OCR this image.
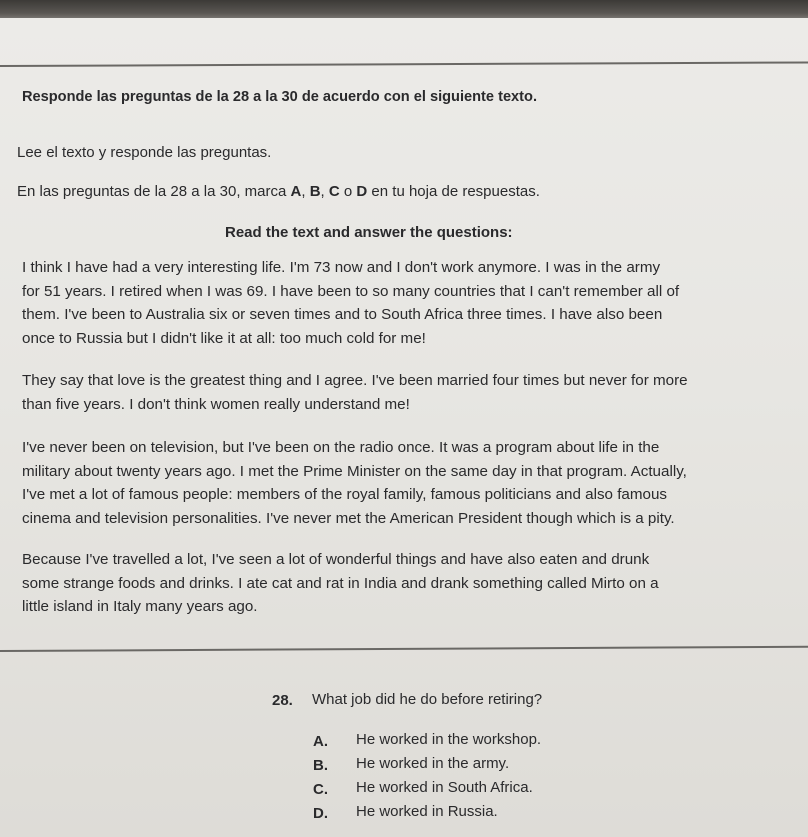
Responde las preguntas de la 28 a la 30 de acuerdo con el siguiente texto.
Lee el texto y responde las preguntas.
En las preguntas de la 28 a la 30, marca A, B, C o D en tu hoja de respuestas.
Read the text and answer the questions:
I think I have had a very interesting life. I'm 73 now and I don't work anymore. I was in the army
for 51 years. I retired when I was 69. I have been to so many countries that I can't remember all of
them. I've been to Australia six or seven times and to South Africa three times. I have also been
once to Russia but I didn't like it at all: too much cold for me!
They say that love is the greatest thing and I agree. I've been married four times but never for more
than five years. I don't think women really understand me!
I've never been on television, but I've been on the radio once. It was a program about life in the
military about twenty years ago. I met the Prime Minister on the same day in that program. Actually,
I've met a lot of famous people: members of the royal family, famous politicians and also famous
cinema and television personalities. I've never met the American President though which is a pity.
Because I've travelled a lot, I've seen a lot of wonderful things and have also eaten and drunk
some strange foods and drinks. I ate cat and rat in India and drank something called Mirto on a
little island in Italy many years ago.
28. What job did he do before retiring?
A. He worked in the workshop.
B. He worked in the army.
C. He worked in South Africa.
D. He worked in Russia.
